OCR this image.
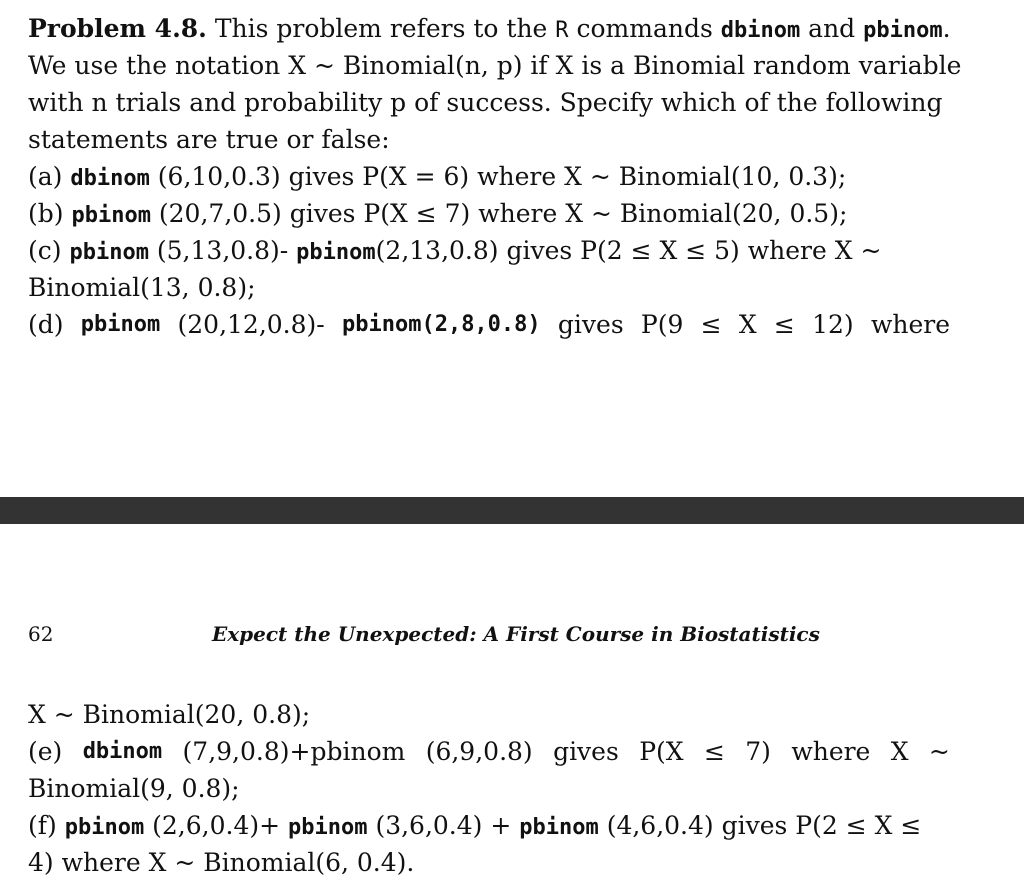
Problem 4.8. This problem refers to the R commands dbinom and pbinom.
We use the notation X ~ Binomial(n, p) if X is a Binomial random variable
with n trials and probability p of success. Specify which of the following
statements are true or false:
(a) dbinom (6,10,0.3) gives P(X = 6) where X ~ Binomial(10, 0.3);
(b) pbinom (20,7,0.5) gives P(X ≤ 7) where X ~ Binomial(20, 0.5);
(c) pbinom (5,13,0.8)- pbinom(2,13,0.8) gives P(2 ≤ X ≤ 5) where X ~
Binomial(13, 0.8);
(d) pbinom (20,12,0.8)- pbinom(2,8,0.8) gives P(9 ≤ X ≤ 12) where
62	Expect the Unexpected: A First Course in Biostatistics
X ~ Binomial(20, 0.8);
(e) dbinom (7,9,0.8)+pbinom (6,9,0.8) gives P(X ≤ 7) where X ~
Binomial(9, 0.8);
(f) pbinom (2,6,0.4)+ pbinom (3,6,0.4) + pbinom (4,6,0.4) gives P(2 ≤ X ≤
4) where X ~ Binomial(6, 0.4).
